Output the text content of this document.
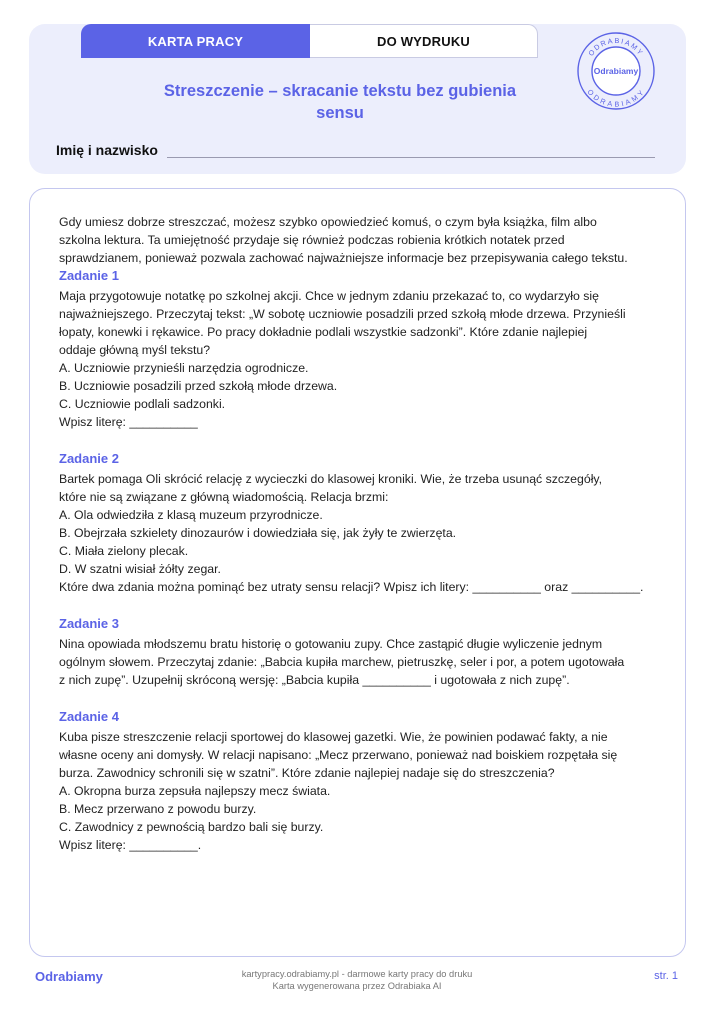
KARTA PRACY	DO WYDRUKU
Streszczenie – skracanie tekstu bez gubienia
sensu
Imię i nazwisko
ODRABIAMY
ODRABIAMY
Odrabiamy

Gdy umiesz dobrze streszczać, możesz szybko opowiedzieć komuś, o czym była książka, film albo
szkolna lektura. Ta umiejętność przydaje się również podczas robienia krótkich notatek przed
sprawdzianem, ponieważ pozwala zachować najważniejsze informacje bez przepisywania całego tekstu.

Zadanie 1
Maja przygotowuje notatkę po szkolnej akcji. Chce w jednym zdaniu przekazać to, co wydarzyło się
najważniejszego. Przeczytaj tekst: „W sobotę uczniowie posadzili przed szkołą młode drzewa. Przynieśli
łopaty, konewki i rękawice. Po pracy dokładnie podlali wszystkie sadzonki”. Które zdanie najlepiej
oddaje główną myśl tekstu?
A. Uczniowie przynieśli narzędzia ogrodnicze.
B. Uczniowie posadzili przed szkołą młode drzewa.
C. Uczniowie podlali sadzonki.
Wpisz literę: __________
Zadanie 2
Bartek pomaga Oli skrócić relację z wycieczki do klasowej kroniki. Wie, że trzeba usunąć szczegóły,
które nie są związane z główną wiadomością. Relacja brzmi:
A. Ola odwiedziła z klasą muzeum przyrodnicze.
B. Obejrzała szkielety dinozaurów i dowiedziała się, jak żyły te zwierzęta.
C. Miała zielony plecak.
D. W szatni wisiał żółty zegar.
Które dwa zdania można pominąć bez utraty sensu relacji? Wpisz ich litery: __________ oraz __________.
Zadanie 3
Nina opowiada młodszemu bratu historię o gotowaniu zupy. Chce zastąpić długie wyliczenie jednym
ogólnym słowem. Przeczytaj zdanie: „Babcia kupiła marchew, pietruszkę, seler i por, a potem ugotowała
z nich zupę”. Uzupełnij skróconą wersję: „Babcia kupiła __________ i ugotowała z nich zupę”.
Zadanie 4
Kuba pisze streszczenie relacji sportowej do klasowej gazetki. Wie, że powinien podawać fakty, a nie
własne oceny ani domysły. W relacji napisano: „Mecz przerwano, ponieważ nad boiskiem rozpętała się
burza. Zawodnicy schronili się w szatni”. Które zdanie najlepiej nadaje się do streszczenia?
A. Okropna burza zepsuła najlepszy mecz świata.
B. Mecz przerwano z powodu burzy.
C. Zawodnicy z pewnością bardzo bali się burzy.
Wpisz literę: __________.
Odrabiamy	kartypracy.odrabiamy.pl - darmowe karty pracy do druku
Karta wygenerowana przez Odrabiaka AI
str. 1
